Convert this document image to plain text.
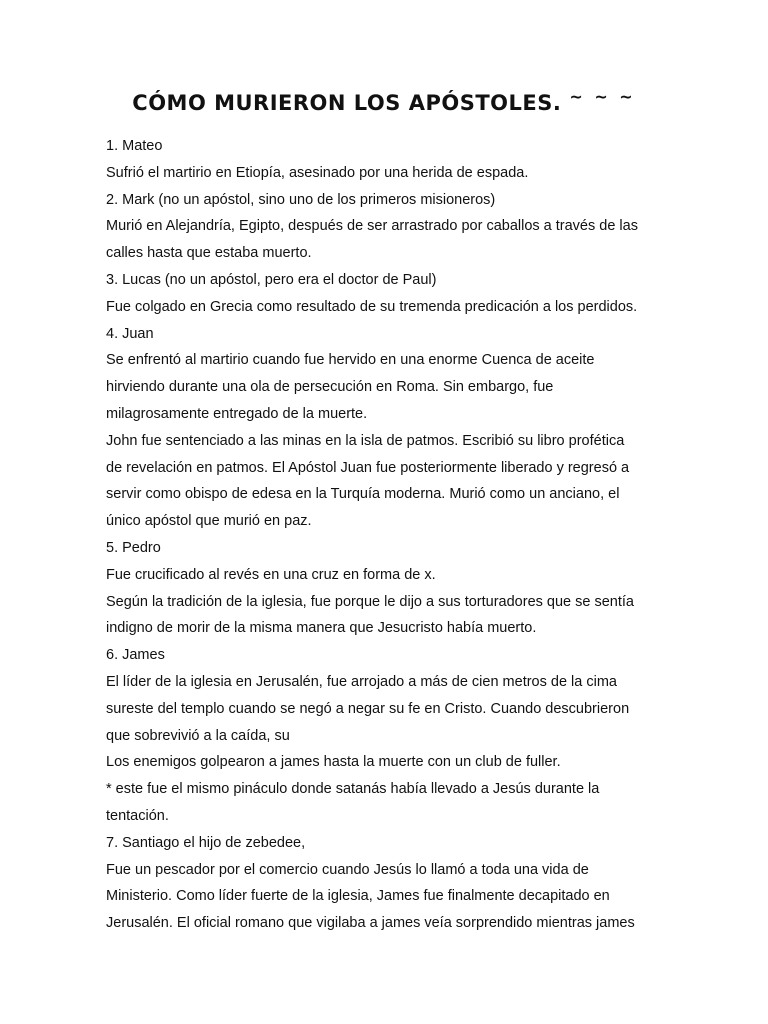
CÓMO MURIERON LOS APÓSTOLES. ~ ~ ~
1. Mateo
Sufrió el martirio en Etiopía, asesinado por una herida de espada.
2. Mark (no un apóstol, sino uno de los primeros misioneros)
Murió en Alejandría, Egipto, después de ser arrastrado por caballos a través de las
calles hasta que estaba muerto.
3. Lucas (no un apóstol, pero era el doctor de Paul)
Fue colgado en Grecia como resultado de su tremenda predicación a los perdidos.
4. Juan
Se enfrentó al martirio cuando fue hervido en una enorme Cuenca de aceite
hirviendo durante una ola de persecución en Roma. Sin embargo, fue
milagrosamente entregado de la muerte.
John fue sentenciado a las minas en la isla de patmos. Escribió su libro profética
de revelación en patmos. El Apóstol Juan fue posteriormente liberado y regresó a
servir como obispo de edesa en la Turquía moderna. Murió como un anciano, el
único apóstol que murió en paz.
5. Pedro
Fue crucificado al revés en una cruz en forma de x.
Según la tradición de la iglesia, fue porque le dijo a sus torturadores que se sentía
indigno de morir de la misma manera que Jesucristo había muerto.
6. James
El líder de la iglesia en Jerusalén, fue arrojado a más de cien metros de la cima
sureste del templo cuando se negó a negar su fe en Cristo. Cuando descubrieron
que sobrevivió a la caída, su
Los enemigos golpearon a james hasta la muerte con un club de fuller.
* este fue el mismo pináculo donde satanás había llevado a Jesús durante la
tentación.
7. Santiago el hijo de zebedee,
Fue un pescador por el comercio cuando Jesús lo llamó a toda una vida de
Ministerio. Como líder fuerte de la iglesia, James fue finalmente decapitado en
Jerusalén. El oficial romano que vigilaba a james veía sorprendido mientras james
